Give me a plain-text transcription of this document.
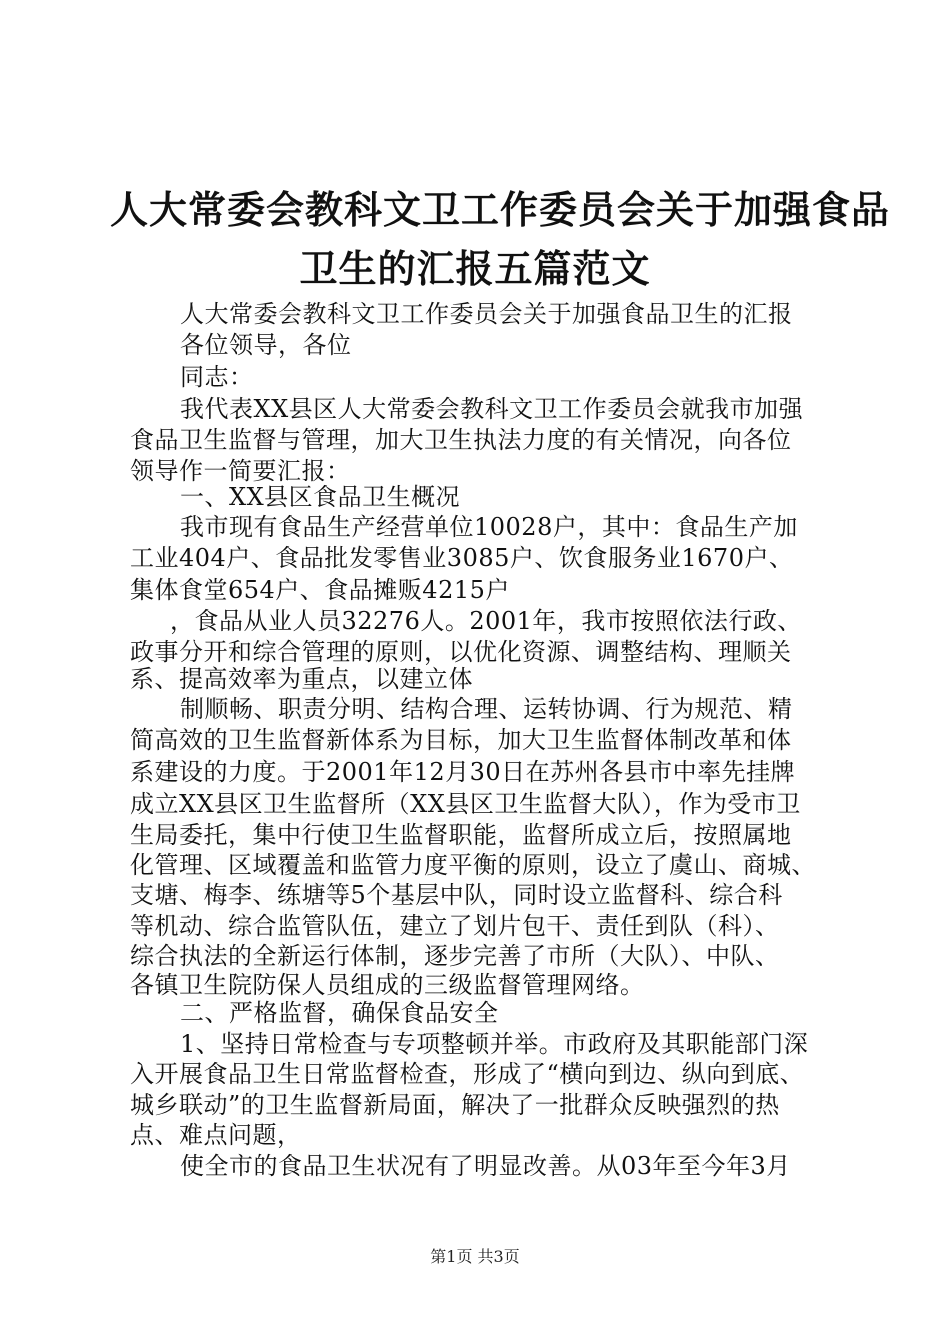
人大常委会教科文卫工作委员会关于加强食品
卫生的汇报五篇范文
人大常委会教科文卫工作委员会关于加强食品卫生的汇报
各位领导，各位
同志：
我代表XX县区人大常委会教科文卫工作委员会就我市加强
食品卫生监督与管理，加大卫生执法力度的有关情况，向各位
领导作一简要汇报：
一、XX县区食品卫生概况
我市现有食品生产经营单位10028户，其中：食品生产加
工业404户、食品批发零售业3085户、饮食服务业1670户、
集体食堂654户、食品摊贩4215户
，食品从业人员32276人。2001年，我市按照依法行政、
政事分开和综合管理的原则，以优化资源、调整结构、理顺关
系、提高效率为重点，以建立体
制顺畅、职责分明、结构合理、运转协调、行为规范、精
简高效的卫生监督新体系为目标，加大卫生监督体制改革和体
系建设的力度。于2001年12月30日在苏州各县市中率先挂牌
成立XX县区卫生监督所（XX县区卫生监督大队），作为受市卫
生局委托，集中行使卫生监督职能，监督所成立后，按照属地
化管理、区域覆盖和监管力度平衡的原则，设立了虞山、商城、
支塘、梅李、练塘等5个基层中队，同时设立监督科、综合科
等机动、综合监管队伍，建立了划片包干、责任到队（科）、
综合执法的全新运行体制，逐步完善了市所（大队）、中队、
各镇卫生院防保人员组成的三级监督管理网络。
二、严格监督，确保食品安全
1、坚持日常检查与专项整顿并举。市政府及其职能部门深
入开展食品卫生日常监督检查，形成了“横向到边、纵向到底、
城乡联动”的卫生监督新局面，解决了一批群众反映强烈的热
点、难点问题，
使全市的食品卫生状况有了明显改善。从03年至今年3月
第1页 共3页
